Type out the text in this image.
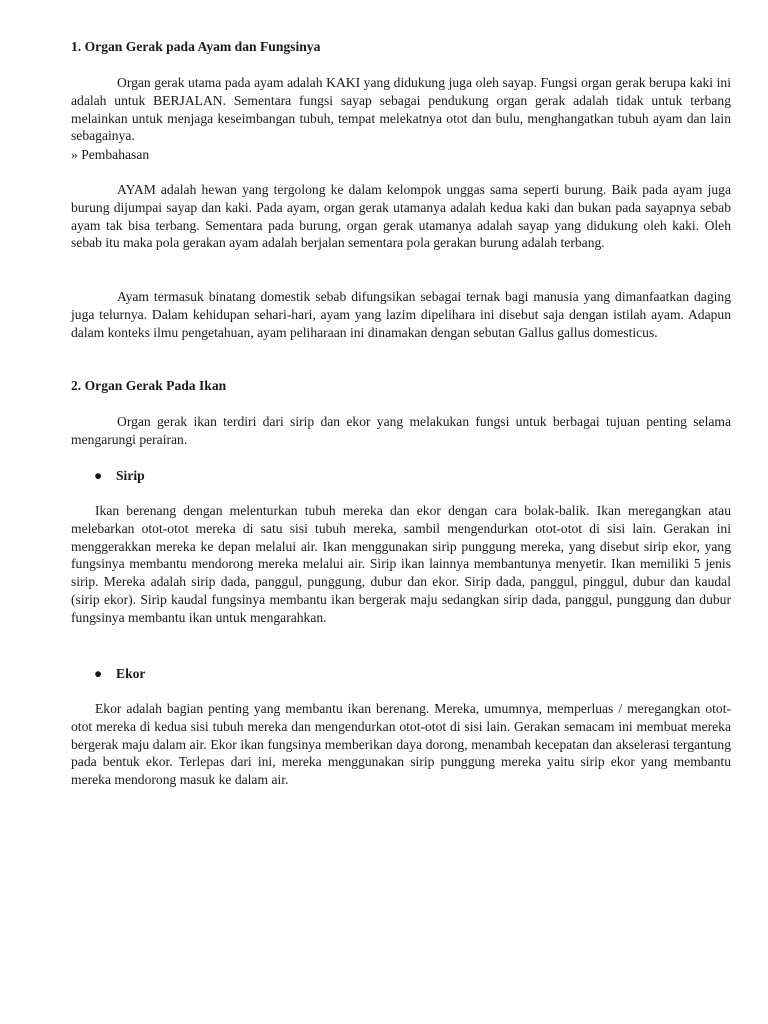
1. Organ Gerak pada Ayam dan Fungsinya

Organ gerak utama pada ayam adalah KAKI yang didukung juga oleh sayap. Fungsi organ gerak berupa kaki ini adalah untuk BERJALAN. Sementara fungsi sayap sebagai pendukung organ gerak adalah tidak untuk terbang melainkan untuk menjaga keseimbangan tubuh, tempat melekatnya otot dan bulu, menghangatkan tubuh ayam dan lain sebagainya.

» Pembahasan

AYAM adalah hewan yang tergolong ke dalam kelompok unggas sama seperti burung. Baik pada ayam juga burung dijumpai sayap dan kaki. Pada ayam, organ gerak utamanya adalah kedua kaki dan bukan pada sayapnya sebab ayam tak bisa terbang. Sementara pada burung, organ gerak utamanya adalah sayap yang didukung oleh kaki. Oleh sebab itu maka pola gerakan ayam adalah berjalan sementara pola gerakan burung adalah terbang.

Ayam termasuk binatang domestik sebab difungsikan sebagai ternak bagi manusia yang dimanfaatkan daging juga telurnya. Dalam kehidupan sehari-hari, ayam yang lazim dipelihara ini disebut saja dengan istilah ayam. Adapun dalam konteks ilmu pengetahuan, ayam peliharaan ini dinamakan dengan sebutan Gallus gallus domesticus.

2. Organ Gerak Pada Ikan

Organ gerak ikan terdiri dari sirip dan ekor yang melakukan fungsi untuk berbagai tujuan penting selama mengarungi perairan.

● Sirip

Ikan berenang dengan melenturkan tubuh mereka dan ekor dengan cara bolak-balik. Ikan meregangkan atau melebarkan otot-otot mereka di satu sisi tubuh mereka, sambil mengendurkan otot-otot di sisi lain. Gerakan ini menggerakkan mereka ke depan melalui air. Ikan menggunakan sirip punggung mereka, yang disebut sirip ekor, yang fungsinya membantu mendorong mereka melalui air. Sirip ikan lainnya membantunya menyetir. Ikan memiliki 5 jenis sirip. Mereka adalah sirip dada, panggul, punggung, dubur dan ekor. Sirip dada, panggul, pinggul, dubur dan kaudal (sirip ekor). Sirip kaudal fungsinya membantu ikan bergerak maju sedangkan sirip dada, panggul, punggung dan dubur fungsinya membantu ikan untuk mengarahkan.

● Ekor

Ekor adalah bagian penting yang membantu ikan berenang. Mereka, umumnya, memperluas / meregangkan otot-otot mereka di kedua sisi tubuh mereka dan mengendurkan otot-otot di sisi lain. Gerakan semacam ini membuat mereka bergerak maju dalam air. Ekor ikan fungsinya memberikan daya dorong, menambah kecepatan dan akselerasi tergantung pada bentuk ekor. Terlepas dari ini, mereka menggunakan sirip punggung mereka yaitu sirip ekor yang membantu mereka mendorong masuk ke dalam air.
